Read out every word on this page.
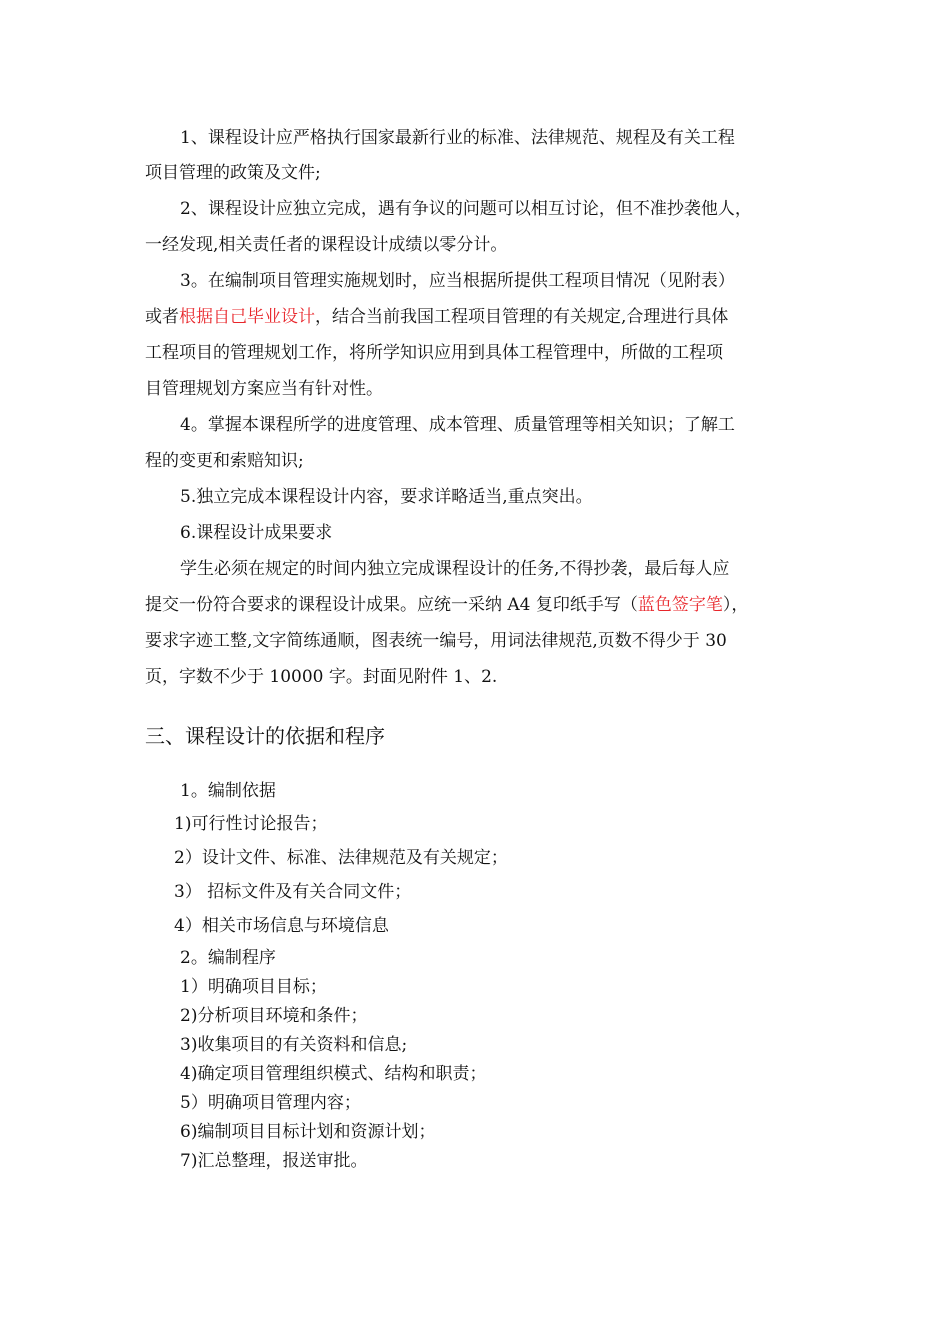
1、课程设计应严格执行国家最新行业的标准、法律规范、规程及有关工程
项目管理的政策及文件;
2、课程设计应独立完成，遇有争议的问题可以相互讨论，但不准抄袭他人，
一经发现,相关责任者的课程设计成绩以零分计。
3。在编制项目管理实施规划时，应当根据所提供工程项目情况（见附表）
或者根据自己毕业设计，结合当前我国工程项目管理的有关规定,合理进行具体
工程项目的管理规划工作，将所学知识应用到具体工程管理中，所做的工程项
目管理规划方案应当有针对性。
4。掌握本课程所学的进度管理、成本管理、质量管理等相关知识；了解工
程的变更和索赔知识;
5.独立完成本课程设计内容，要求详略适当,重点突出。
6.课程设计成果要求
学生必须在规定的时间内独立完成课程设计的任务,不得抄袭，最后每人应
提交一份符合要求的课程设计成果。应统一采纳 A4 复印纸手写（蓝色签字笔），
要求字迹工整,文字简练通顺，图表统一编号，用词法律规范,页数不得少于 30
页，字数不少于 10000 字。封面见附件 1、2.
三、课程设计的依据和程序
1。编制依据
1)可行性讨论报告；
2）设计文件、标准、法律规范及有关规定；
3） 招标文件及有关合同文件；
4）相关市场信息与环境信息
2。编制程序
1）明确项目目标；
2)分析项目环境和条件；
3)收集项目的有关资料和信息;
4)确定项目管理组织模式、结构和职责；
5）明确项目管理内容；
6)编制项目目标计划和资源计划；
7)汇总整理，报送审批。
